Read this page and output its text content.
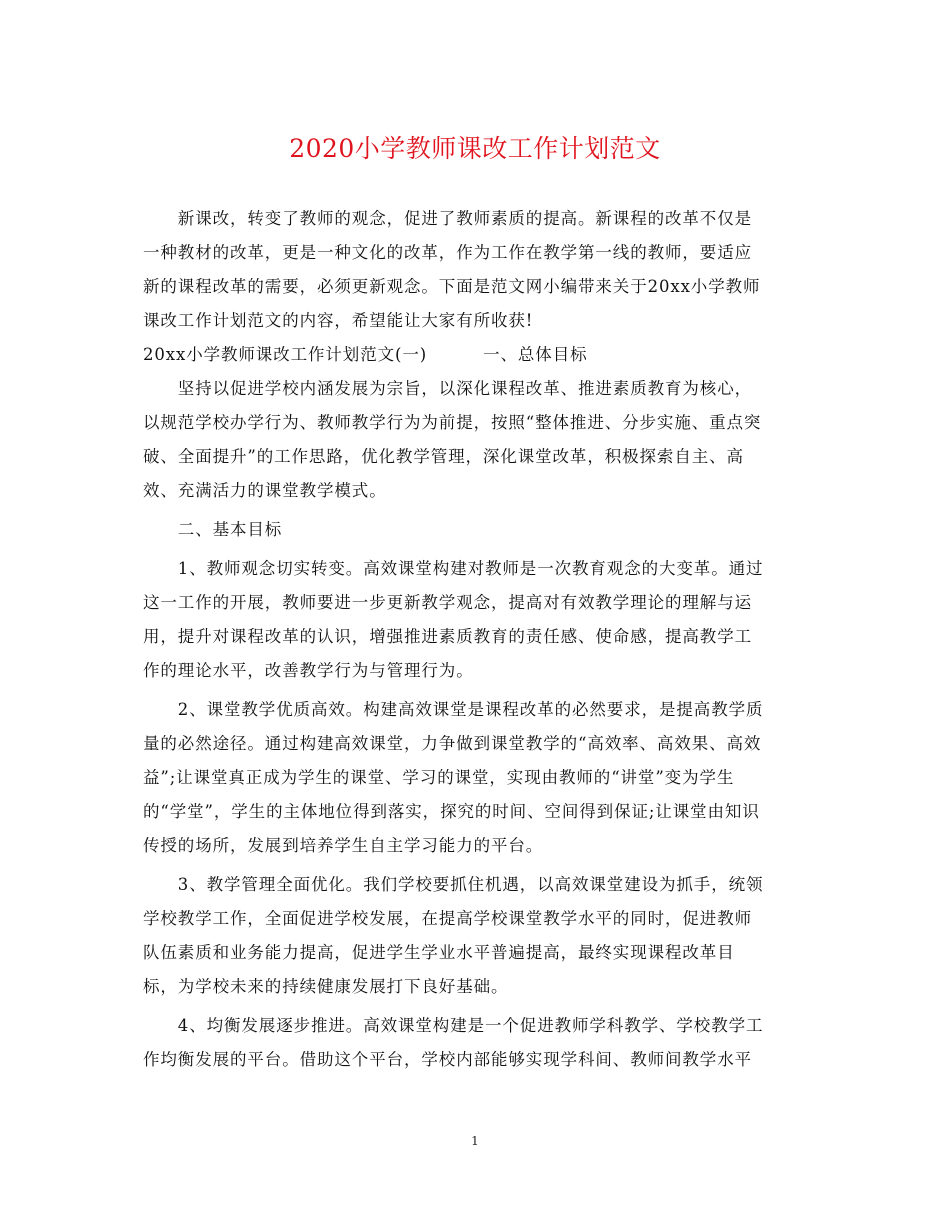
2020小学教师课改工作计划范文
　　新课改，转变了教师的观念，促进了教师素质的提高。新课程的改革不仅是
一种教材的改革，更是一种文化的改革，作为工作在教学第一线的教师，要适应
新的课程改革的需要，必须更新观念。下面是范文网小编带来关于20xx小学教师
课改工作计划范文的内容，希望能让大家有所收获!
20xx小学教师课改工作计划范文(一)	一、总体目标
　　坚持以促进学校内涵发展为宗旨，以深化课程改革、推进素质教育为核心，
以规范学校办学行为、教师教学行为为前提，按照“整体推进、分步实施、重点突
破、全面提升”的工作思路，优化教学管理，深化课堂改革，积极探索自主、高
效、充满活力的课堂教学模式。
　　二、基本目标
　　1、教师观念切实转变。高效课堂构建对教师是一次教育观念的大变革。通过
这一工作的开展，教师要进一步更新教学观念，提高对有效教学理论的理解与运
用，提升对课程改革的认识，增强推进素质教育的责任感、使命感，提高教学工
作的理论水平，改善教学行为与管理行为。
　　2、课堂教学优质高效。构建高效课堂是课程改革的必然要求，是提高教学质
量的必然途径。通过构建高效课堂，力争做到课堂教学的“高效率、高效果、高效
益”;让课堂真正成为学生的课堂、学习的课堂，实现由教师的“讲堂”变为学生
的“学堂”，学生的主体地位得到落实，探究的时间、空间得到保证;让课堂由知识
传授的场所，发展到培养学生自主学习能力的平台。
　　3、教学管理全面优化。我们学校要抓住机遇，以高效课堂建设为抓手，统领
学校教学工作，全面促进学校发展，在提高学校课堂教学水平的同时，促进教师
队伍素质和业务能力提高，促进学生学业水平普遍提高，最终实现课程改革目
标，为学校未来的持续健康发展打下良好基础。
　　4、均衡发展逐步推进。高效课堂构建是一个促进教师学科教学、学校教学工
作均衡发展的平台。借助这个平台，学校内部能够实现学科间、教师间教学水平
1
